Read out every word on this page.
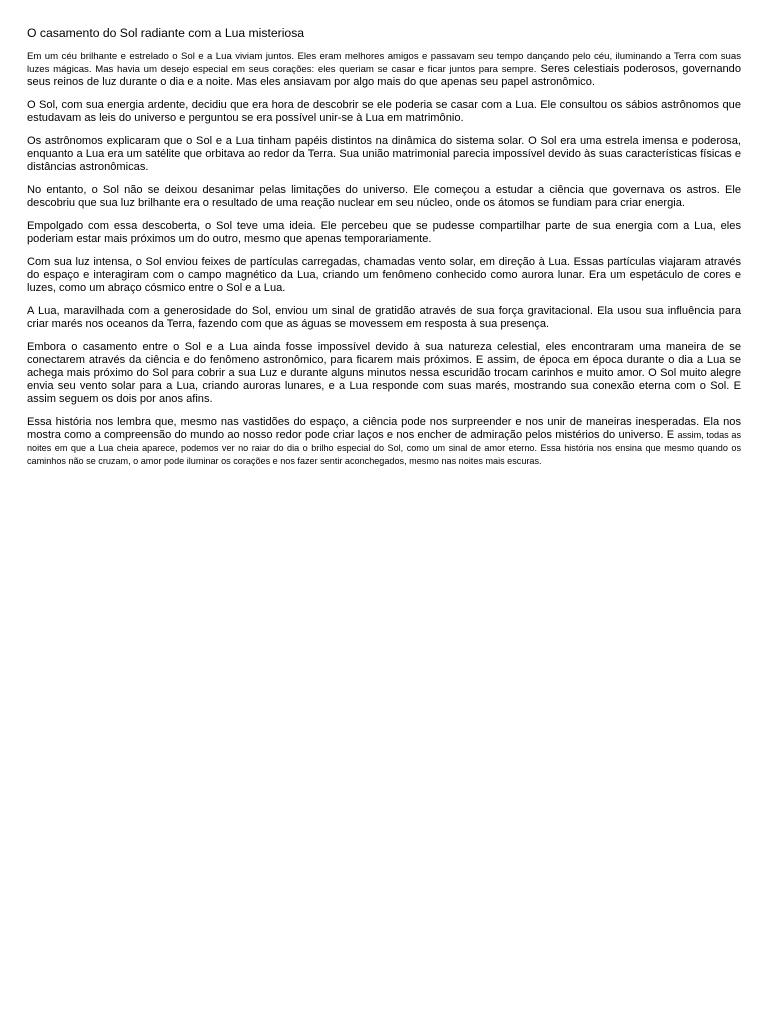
O casamento do Sol radiante com a Lua misteriosa

Em um céu brilhante e estrelado o Sol e a Lua viviam juntos. Eles eram melhores amigos e passavam seu tempo dançando pelo céu, iluminando a Terra com suas luzes mágicas. Mas havia um desejo especial em seus corações: eles queriam se casar e ficar juntos para sempre. Seres celestiais poderosos, governando seus reinos de luz durante o dia e a noite. Mas eles ansiavam por algo mais do que apenas seu papel astronômico.

O Sol, com sua energia ardente, decidiu que era hora de descobrir se ele poderia se casar com a Lua. Ele consultou os sábios astrônomos que estudavam as leis do universo e perguntou se era possível unir-se à Lua em matrimônio.

Os astrônomos explicaram que o Sol e a Lua tinham papéis distintos na dinâmica do sistema solar. O Sol era uma estrela imensa e poderosa, enquanto a Lua era um satélite que orbitava ao redor da Terra. Sua união matrimonial parecia impossível devido às suas características físicas e distâncias astronômicas.

No entanto, o Sol não se deixou desanimar pelas limitações do universo. Ele começou a estudar a ciência que governava os astros. Ele descobriu que sua luz brilhante era o resultado de uma reação nuclear em seu núcleo, onde os átomos se fundiam para criar energia.

Empolgado com essa descoberta, o Sol teve uma ideia. Ele percebeu que se pudesse compartilhar parte de sua energia com a Lua, eles poderiam estar mais próximos um do outro, mesmo que apenas temporariamente.

Com sua luz intensa, o Sol enviou feixes de partículas carregadas, chamadas vento solar, em direção à Lua. Essas partículas viajaram através do espaço e interagiram com o campo magnético da Lua, criando um fenômeno conhecido como aurora lunar. Era um espetáculo de cores e luzes, como um abraço cósmico entre o Sol e a Lua.

A Lua, maravilhada com a generosidade do Sol, enviou um sinal de gratidão através de sua força gravitacional. Ela usou sua influência para criar marés nos oceanos da Terra, fazendo com que as águas se movessem em resposta à sua presença.

Embora o casamento entre o Sol e a Lua ainda fosse impossível devido à sua natureza celestial, eles encontraram uma maneira de se conectarem através da ciência e do fenômeno astronômico, para ficarem mais próximos. E assim, de época em época durante o dia a Lua se achega mais próximo do Sol para cobrir a sua Luz e durante alguns minutos nessa escuridão trocam carinhos e muito amor. O Sol muito alegre envia seu vento solar para a Lua, criando auroras lunares, e a Lua responde com suas marés, mostrando sua conexão eterna com o Sol. E assim seguem os dois por anos afins.

Essa história nos lembra que, mesmo nas vastidões do espaço, a ciência pode nos surpreender e nos unir de maneiras inesperadas. Ela nos mostra como a compreensão do mundo ao nosso redor pode criar laços e nos encher de admiração pelos mistérios do universo. E assim, todas as noites em que a Lua cheia aparece, podemos ver no raiar do dia o brilho especial do Sol, como um sinal de amor eterno. Essa história nos ensina que mesmo quando os caminhos não se cruzam, o amor pode iluminar os corações e nos fazer sentir aconchegados, mesmo nas noites mais escuras.
